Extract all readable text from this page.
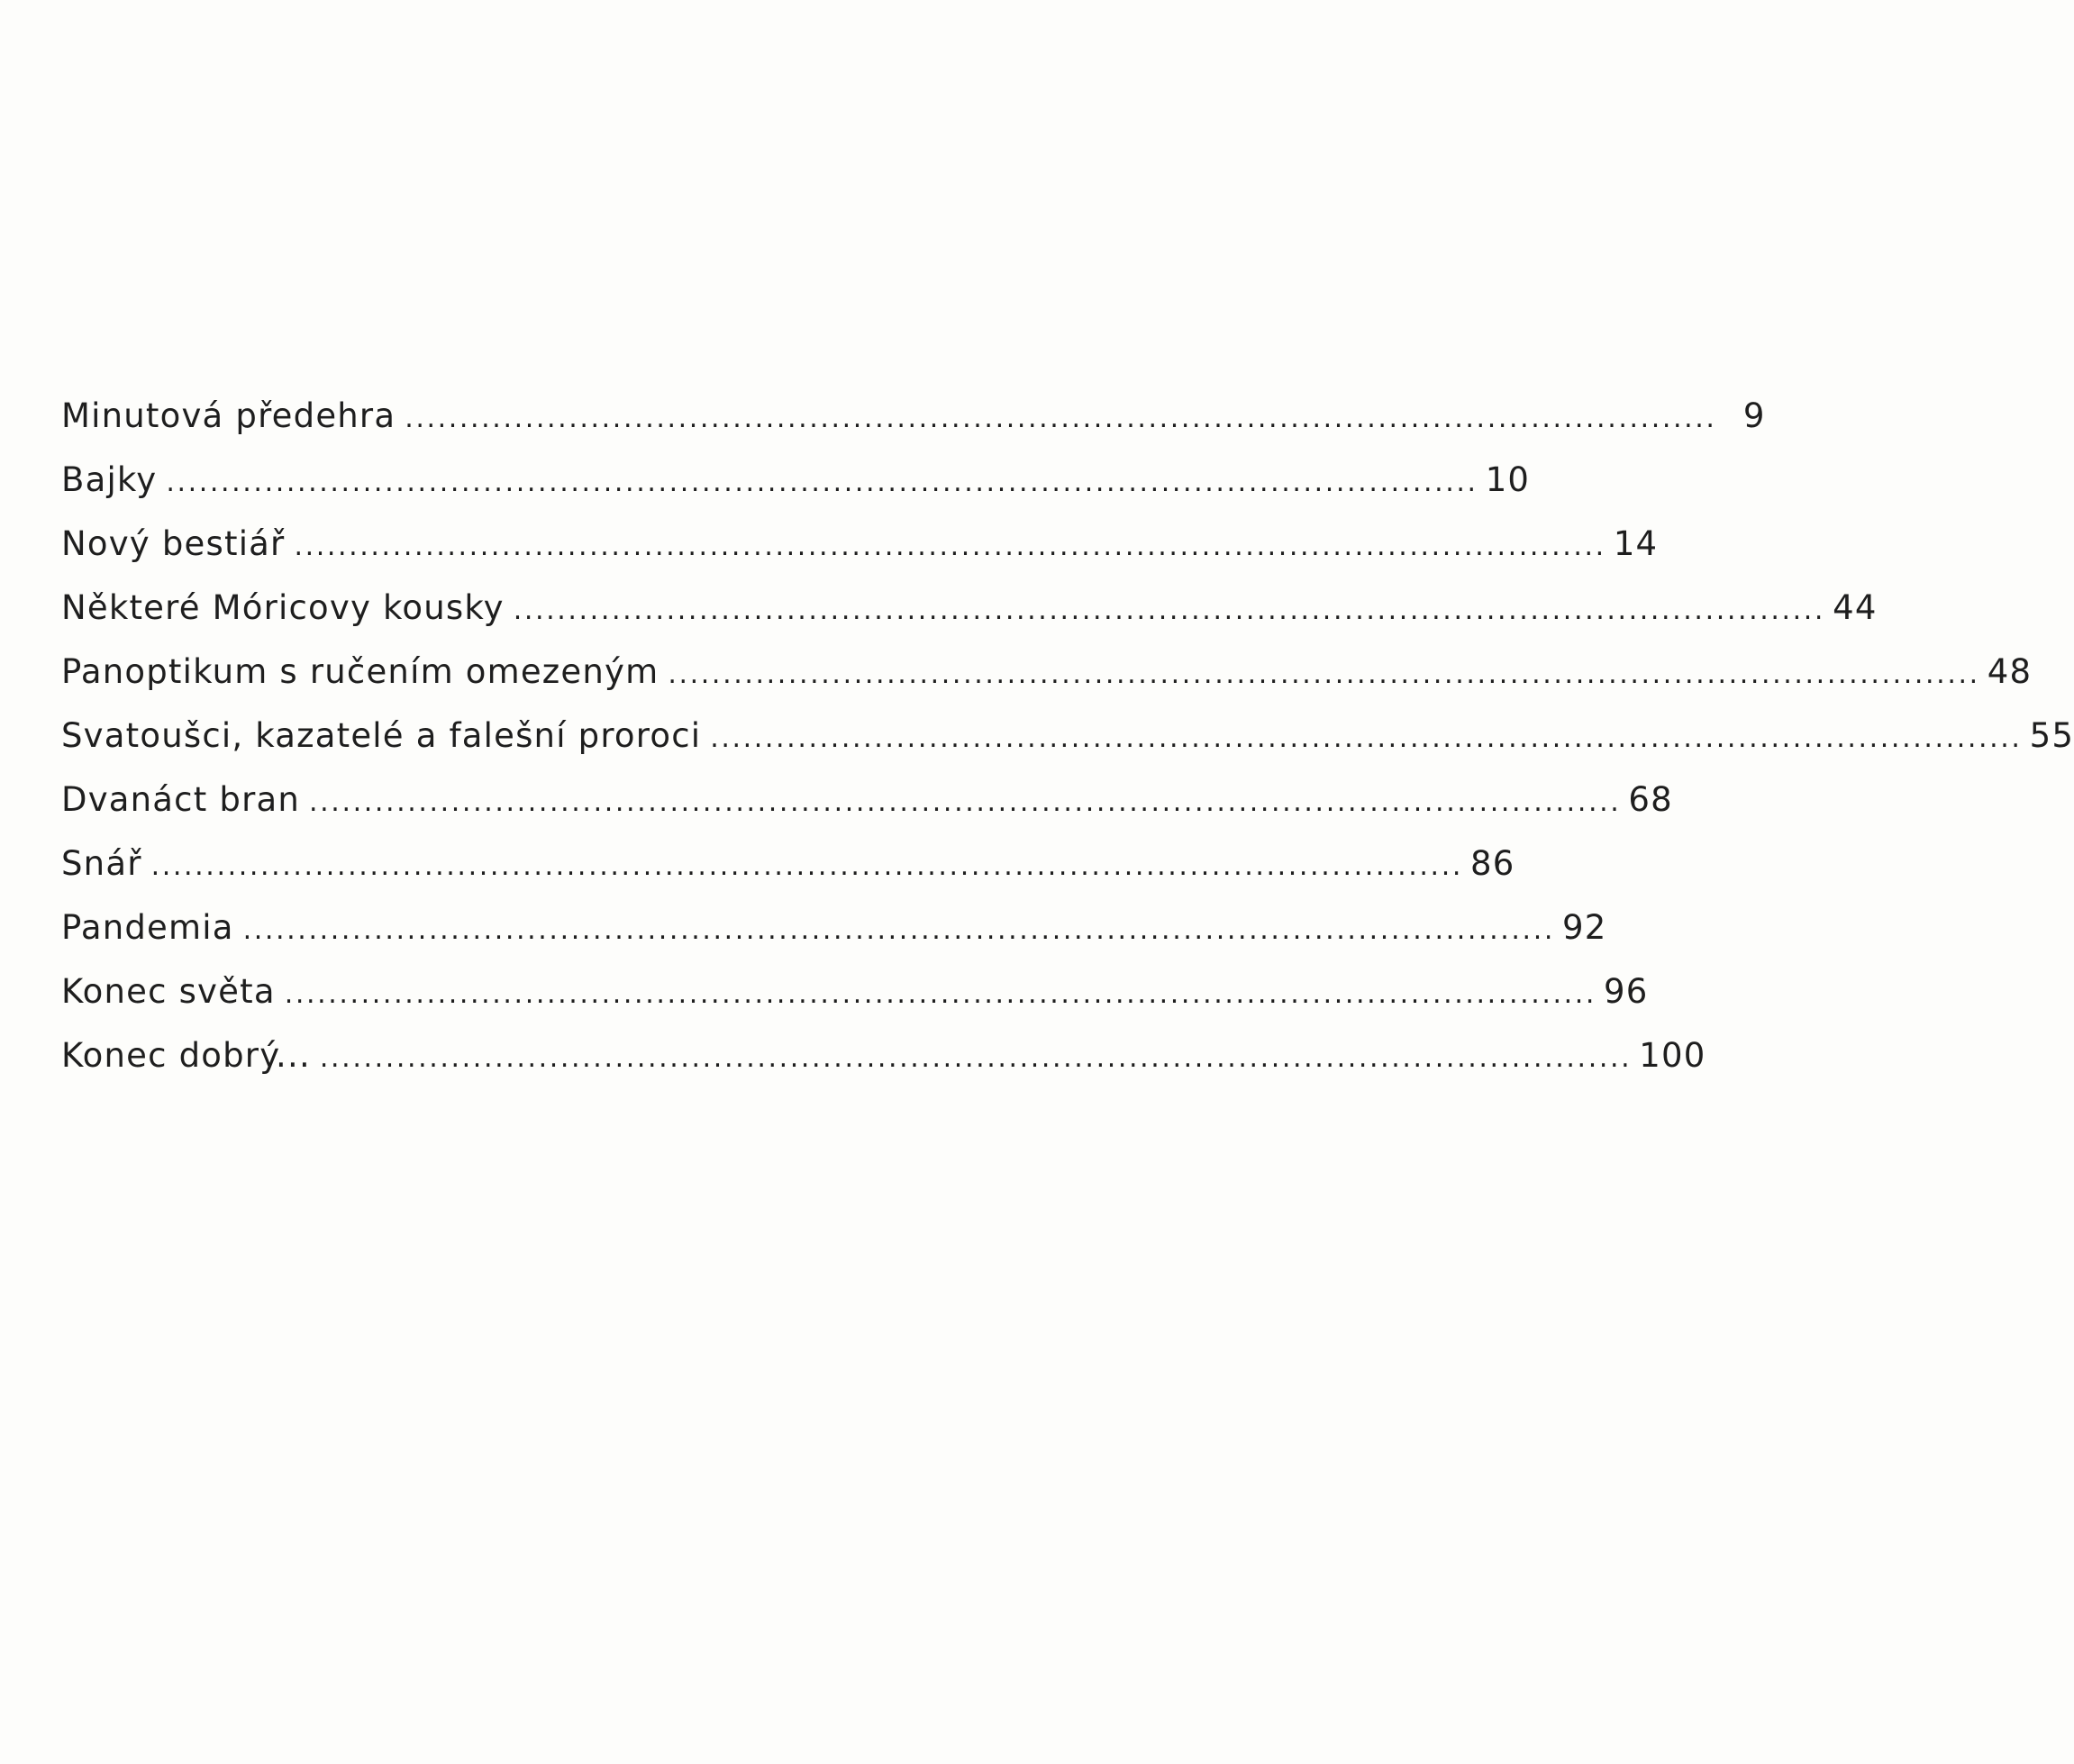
Minutová předehra ........................................................................................................................ 9
Bajky ........................................................................................................................ 10
Nový bestiář ........................................................................................................................ 14
Některé Móricovy kousky ........................................................................................................................ 44
Panoptikum s ručením omezeným ........................................................................................................................ 48
Svatoušci, kazatelé a falešní proroci ........................................................................................................................ 55
Dvanáct bran ........................................................................................................................ 68
Snář ........................................................................................................................ 86
Pandemia ........................................................................................................................ 92
Konec světa ........................................................................................................................ 96
Konec dobrý... ........................................................................................................................ 100
